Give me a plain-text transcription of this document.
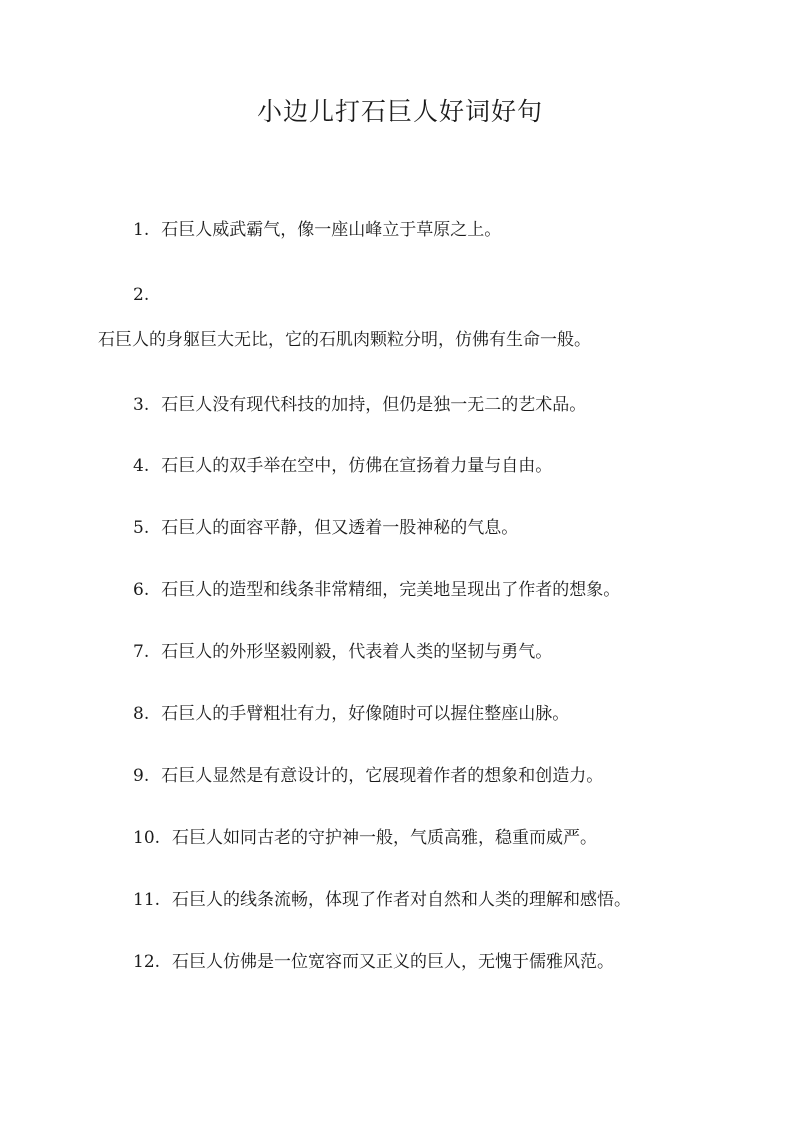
小边儿打石巨人好词好句
1. 石巨人威武霸气，像一座山峰立于草原之上。
2.
石巨人的身躯巨大无比，它的石肌肉颗粒分明，仿佛有生命一般。
3. 石巨人没有现代科技的加持，但仍是独一无二的艺术品。
4. 石巨人的双手举在空中，仿佛在宣扬着力量与自由。
5. 石巨人的面容平静，但又透着一股神秘的气息。
6. 石巨人的造型和线条非常精细，完美地呈现出了作者的想象。
7. 石巨人的外形坚毅刚毅，代表着人类的坚韧与勇气。
8. 石巨人的手臂粗壮有力，好像随时可以握住整座山脉。
9. 石巨人显然是有意设计的，它展现着作者的想象和创造力。
10. 石巨人如同古老的守护神一般，气质高雅，稳重而威严。
11. 石巨人的线条流畅，体现了作者对自然和人类的理解和感悟。
12. 石巨人仿佛是一位宽容而又正义的巨人，无愧于儒雅风范。
